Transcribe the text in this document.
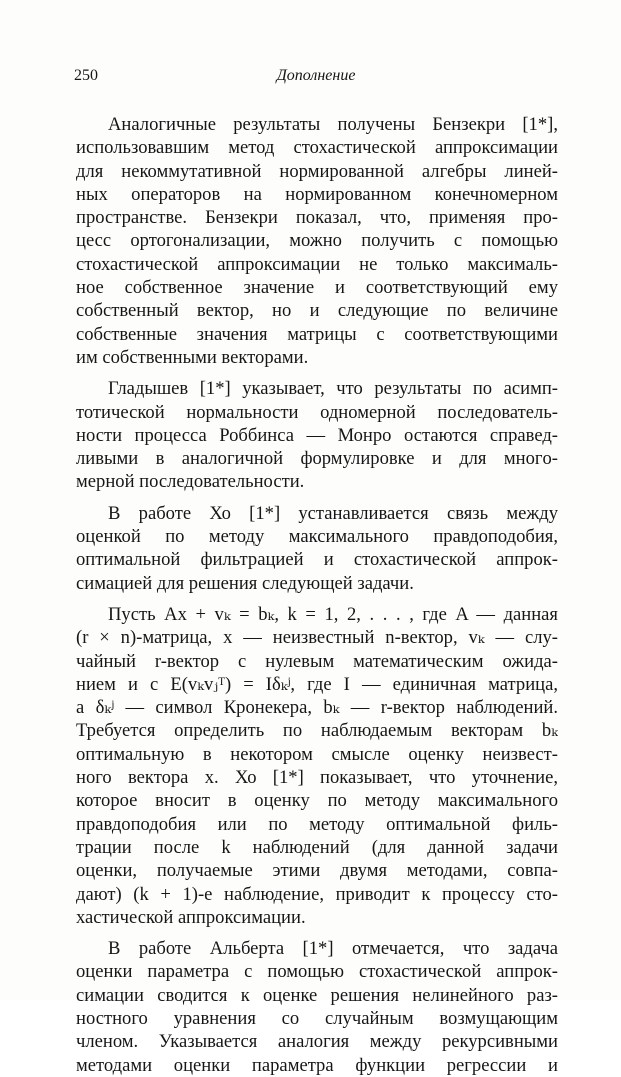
250	Дополнение
Аналогичные результаты получены Бензекри [1*],
использовавшим метод стохастической аппроксимации
для некоммутативной нормированной алгебры линей-
ных операторов на нормированном конечномерном
пространстве. Бензекри показал, что, применяя про-
цесс ортогонализации, можно получить с помощью
стохастической аппроксимации не только максималь-
ное собственное значение и соответствующий ему
собственный вектор, но и следующие по величине
собственные значения матрицы с соответствующими
им собственными векторами.
Гладышев [1*] указывает, что результаты по асимп-
тотической нормальности одномерной последователь-
ности процесса Роббинса — Монро остаются справед-
ливыми в аналогичной формулировке и для многo-
мерной последовательности.
В работе Хо [1*] устанавливается связь между
оценкой по методу максимального правдоподобия,
оптимальной фильтрацией и стохастической аппрок-
симацией для решения следующей задачи.
Пусть Ax + vₖ = bₖ, k = 1, 2, . . . , где A — данная
(r × n)-матрица, x — неизвестный n-вектор, vₖ — слу-
чайный r-вектор с нулевым математическим ожида-
нием и с E(vₖvⱼᵀ) = Iδₖʲ, где I — единичная матрица,
а δₖʲ — символ Кронекера, bₖ — r-вектор наблюдений.
Требуется определить по наблюдаемым векторам bₖ
оптимальную в некотором смысле оценку неизвест-
ного вектора x. Хо [1*] показывает, что уточнение,
которое вносит в оценку по методу максимального
правдоподобия или по методу оптимальной филь-
трации после k наблюдений (для данной задачи
оценки, получаемые этими двумя методами, совпа-
дают) (k + 1)-е наблюдение, приводит к процессу сто-
хастической аппроксимации.
В работе Альберта [1*] отмечается, что задача
оценки параметра с помощью стохастической аппрок-
симации сводится к оценке решения нелинейного раз-
ностного уравнения со случайным возмущающим
членом. Указывается аналогия между рекурсивными
методами оценки параметра функции регрессии и
